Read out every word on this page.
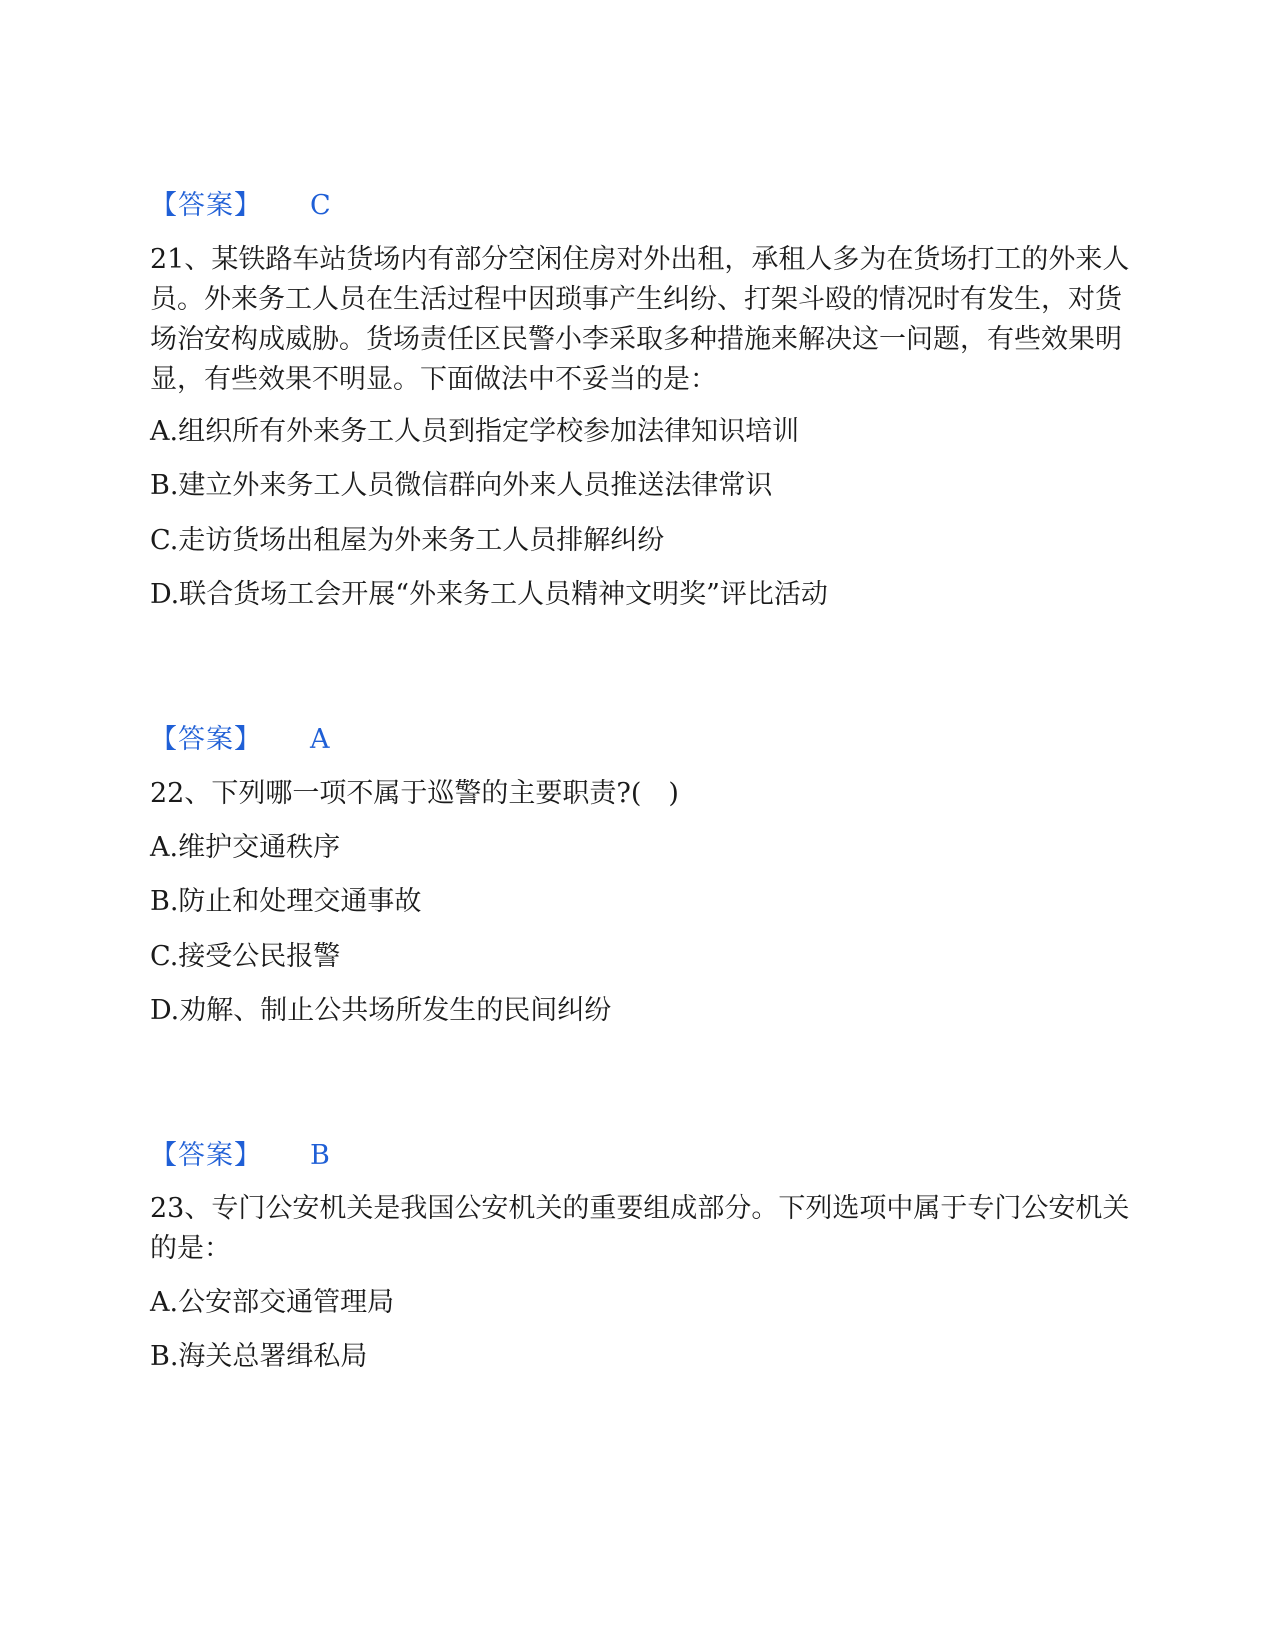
【答案】 C

21、某铁路车站货场内有部分空闲住房对外出租，承租人多为在货场打工的外来人员。外来务工人员在生活过程中因琐事产生纠纷、打架斗殴的情况时有发生，对货场治安构成威胁。货场责任区民警小李采取多种措施来解决这一问题，有些效果明显，有些效果不明显。下面做法中不妥当的是：

A.组织所有外来务工人员到指定学校参加法律知识培训

B.建立外来务工人员微信群向外来人员推送法律常识

C.走访货场出租屋为外来务工人员排解纠纷

D.联合货场工会开展“外来务工人员精神文明奖”评比活动

【答案】 A

22、下列哪一项不属于巡警的主要职责?(　)

A.维护交通秩序

B.防止和处理交通事故

C.接受公民报警

D.劝解、制止公共场所发生的民间纠纷

【答案】 B

23、专门公安机关是我国公安机关的重要组成部分。下列选项中属于专门公安机关的是：

A.公安部交通管理局

B.海关总署缉私局
